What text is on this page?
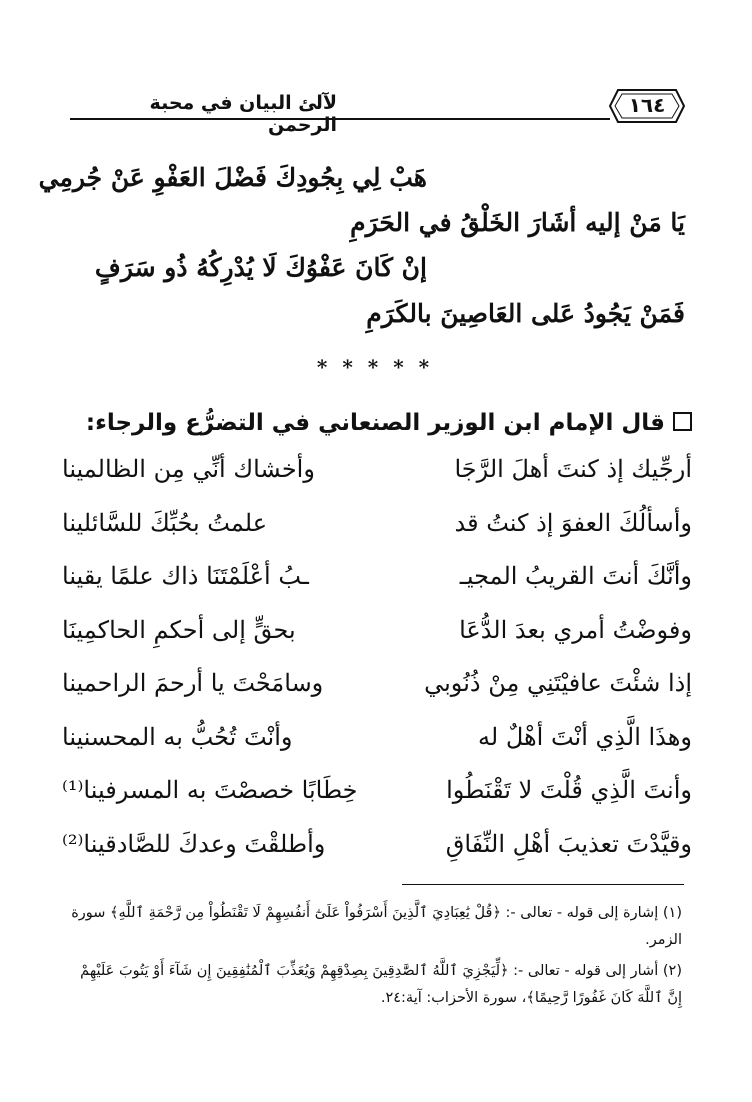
لآلئ البيان في محبة الرحمن
١٦٤
هَبْ لِي بِجُودِكَ فَضْلَ العَفْوِ عَنْ جُرمِي
يَا مَنْ إليه أشَارَ الخَلْقُ في الحَرَمِ
إنْ كَانَ عَفْوُكَ لَا يُدْرِكُهُ ذُو سَرَفٍ
فَمَنْ يَجُودُ عَلى العَاصِينَ بالكَرَمِ
* * * * *
قال الإمام ابن الوزير الصنعاني في التضرُّع والرجاء:
أرجِّيك إذ كنتَ أهلَ الرَّجَا
وأخشاك أنِّي مِن الظالمينا
وأسألُكَ العفوَ إذ كنتُ قد
علمتُ بحُبِّكَ للسَّائلينا
وأنَّكَ أنتَ القريبُ المجيـ
ـبُ أعْلَمْتَنَا ذاك علمًا يقينا
وفوضْتُ أمري بعدَ الدُّعَا
بحقٍّ إلى أحكمِ الحاكمِينَا
إذا شئْتَ عافيْتَنِي مِنْ ذُنُوبي
وسامَحْتَ يا أرحمَ الراحمينا
وهذَا الَّذِي أنْتَ أهْلٌ له
وأنْتَ تُحُبُّ به المحسنينا
وأنتَ الَّذِي قُلْتَ لا تَقْنَطُوا
خِطَابًا خصصْتَ به المسرفينا⁽¹⁾
وقيَّدْتَ تعذيبَ أهْلِ النِّفَاقِ
وأطلقْتَ وعدكَ للصَّادقينا⁽²⁾
(١) إشارة إلى قوله - تعالى -: ﴿قُلْ يَٰعِبَادِيَ ٱلَّذِينَ أَسْرَفُواْ عَلَىٰٓ أَنفُسِهِمْ لَا تَقْنَطُواْ مِن رَّحْمَةِ ٱللَّهِ﴾ سورة الزمر.
(٢) أشار إلى قوله - تعالى -: ﴿لِّيَجْزِيَ ٱللَّهُ ٱلصَّٰدِقِينَ بِصِدْقِهِمْ وَيُعَذِّبَ ٱلْمُنَٰفِقِينَ إِن شَآءَ أَوْ يَتُوبَ عَلَيْهِمْ إِنَّ ٱللَّهَ كَانَ غَفُورًا رَّحِيمًا﴾، سورة الأحزاب: آية:٢٤.
